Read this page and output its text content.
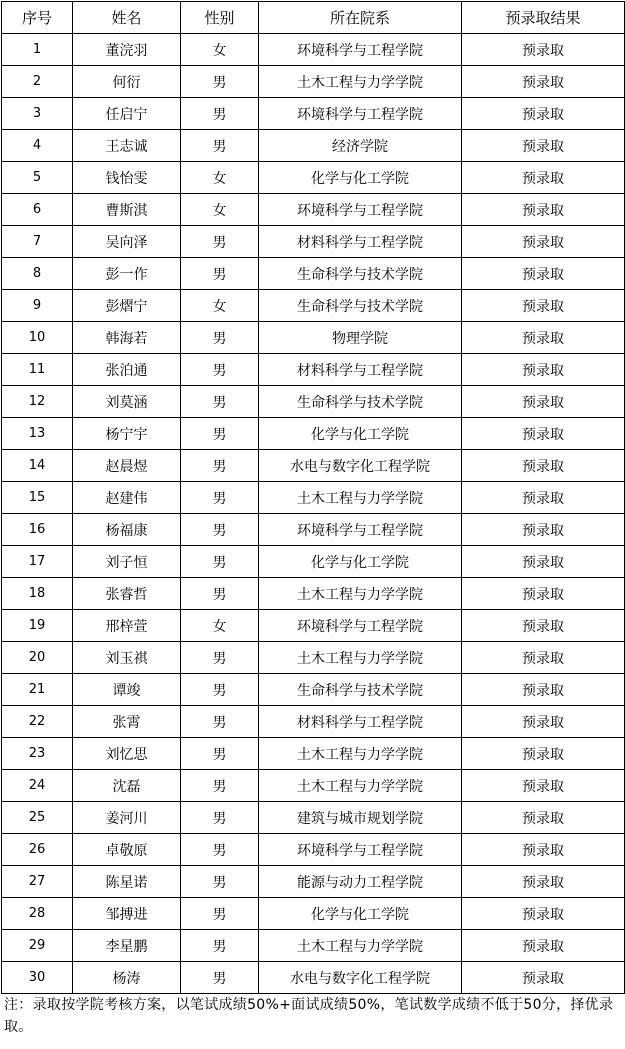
序号	姓名	性别	所在院系	预录取结果
1	董浣羽	女	环境科学与工程学院	预录取
2	何衍	男	土木工程与力学学院	预录取
3	任启宁	男	环境科学与工程学院	预录取
4	王志诚	男	经济学院	预录取
5	钱怡雯	女	化学与化工学院	预录取
6	曹斯淇	女	环境科学与工程学院	预录取
7	吴向泽	男	材料科学与工程学院	预录取
8	彭一作	男	生命科学与技术学院	预录取
9	彭熠宁	女	生命科学与技术学院	预录取
10	韩海若	男	物理学院	预录取
11	张泊通	男	材料科学与工程学院	预录取
12	刘莫涵	男	生命科学与技术学院	预录取
13	杨宁宇	男	化学与化工学院	预录取
14	赵晨煜	男	水电与数字化工程学院	预录取
15	赵建伟	男	土木工程与力学学院	预录取
16	杨福康	男	环境科学与工程学院	预录取
17	刘子恒	男	化学与化工学院	预录取
18	张睿哲	男	土木工程与力学学院	预录取
19	邢梓萱	女	环境科学与工程学院	预录取
20	刘玉祺	男	土木工程与力学学院	预录取
21	谭竣	男	生命科学与技术学院	预录取
22	张霄	男	材料科学与工程学院	预录取
23	刘忆思	男	土木工程与力学学院	预录取
24	沈磊	男	土木工程与力学学院	预录取
25	姜河川	男	建筑与城市规划学院	预录取
26	卓敬原	男	环境科学与工程学院	预录取
27	陈星诺	男	能源与动力工程学院	预录取
28	邹搏进	男	化学与化工学院	预录取
29	李星鹏	男	土木工程与力学学院	预录取
30	杨涛	男	水电与数字化工程学院	预录取
注：录取按学院考核方案，以笔试成绩50%+面试成绩50%，笔试数学成绩不低于50分，择优录取。
